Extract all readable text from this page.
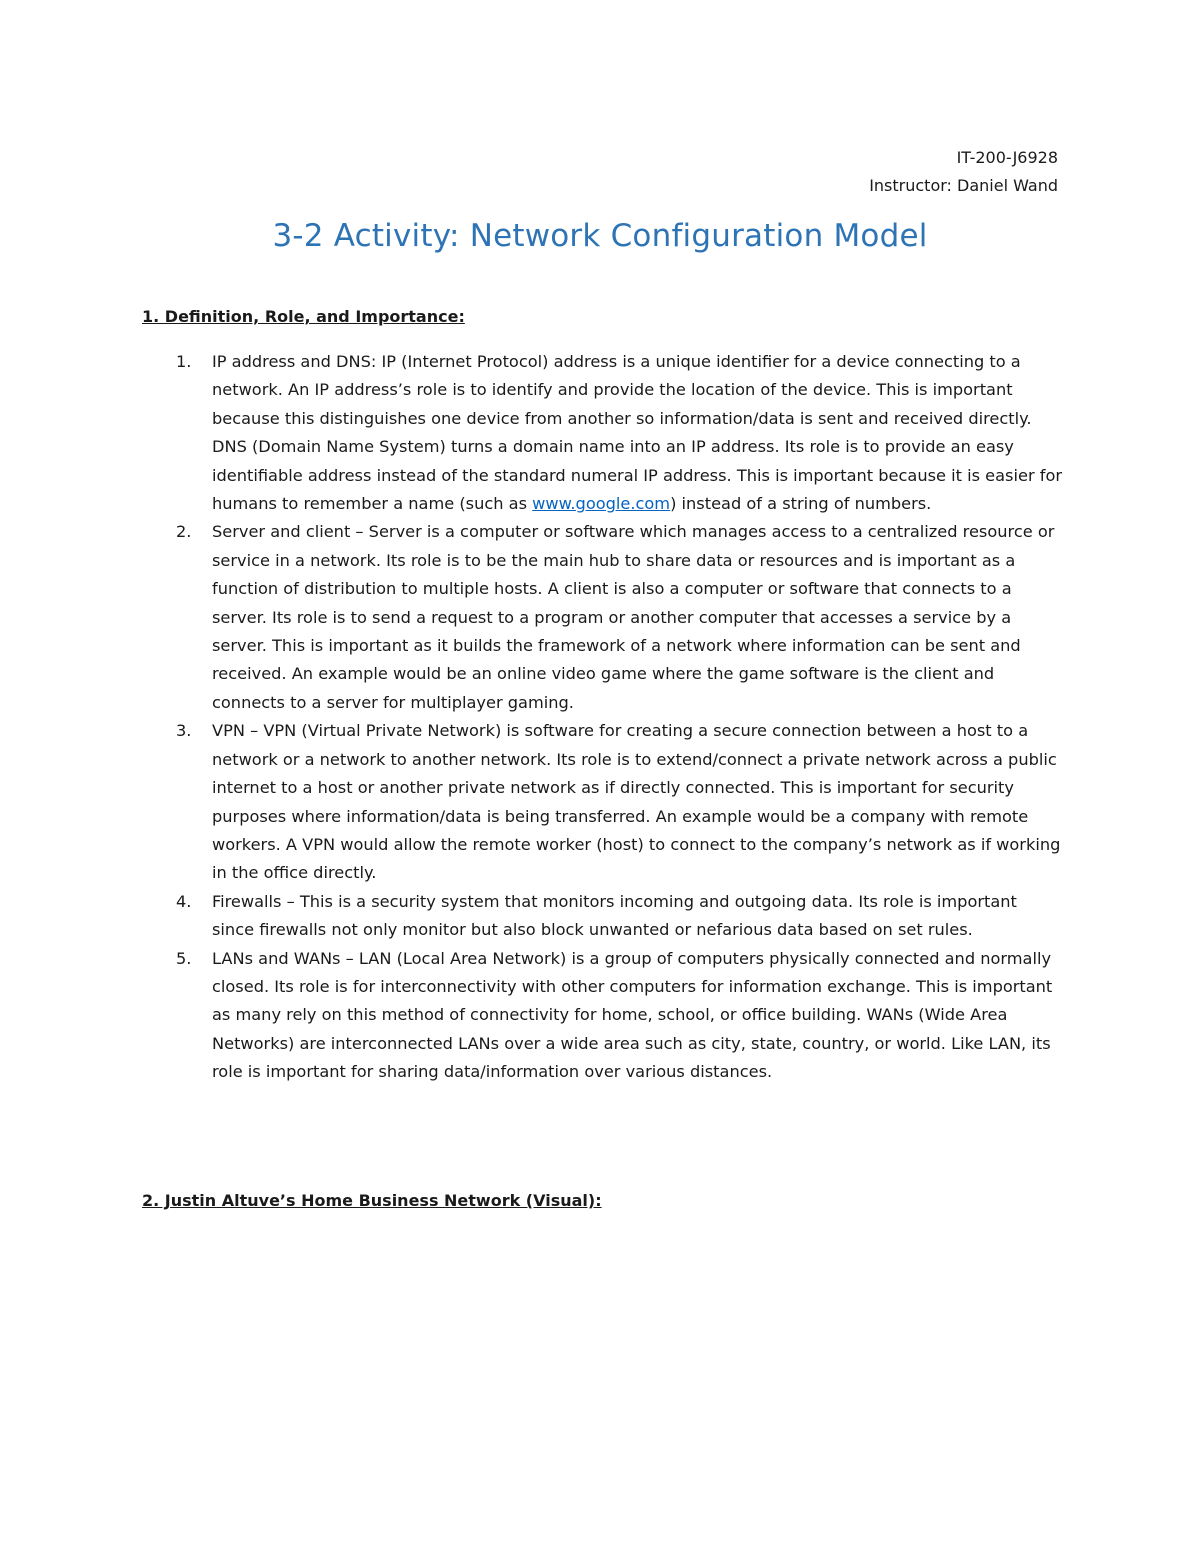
IT-200-J6928
Instructor: Daniel Wand
3-2 Activity: Network Configuration Model
1. Definition, Role, and Importance:
1. IP address and DNS: IP (Internet Protocol) address is a unique identifier for a device connecting to a network. An IP address’s role is to identify and provide the location of the device. This is important because this distinguishes one device from another so information/data is sent and received directly. DNS (Domain Name System) turns a domain name into an IP address. Its role is to provide an easy identifiable address instead of the standard numeral IP address. This is important because it is easier for humans to remember a name (such as www.google.com) instead of a string of numbers.
2. Server and client – Server is a computer or software which manages access to a centralized resource or service in a network. Its role is to be the main hub to share data or resources and is important as a function of distribution to multiple hosts. A client is also a computer or software that connects to a server. Its role is to send a request to a program or another computer that accesses a service by a server. This is important as it builds the framework of a network where information can be sent and received. An example would be an online video game where the game software is the client and connects to a server for multiplayer gaming.
3. VPN – VPN (Virtual Private Network) is software for creating a secure connection between a host to a network or a network to another network. Its role is to extend/connect a private network across a public internet to a host or another private network as if directly connected. This is important for security purposes where information/data is being transferred. An example would be a company with remote workers. A VPN would allow the remote worker (host) to connect to the company’s network as if working in the office directly.
4. Firewalls – This is a security system that monitors incoming and outgoing data. Its role is important since firewalls not only monitor but also block unwanted or nefarious data based on set rules.
5. LANs and WANs – LAN (Local Area Network) is a group of computers physically connected and normally closed. Its role is for interconnectivity with other computers for information exchange. This is important as many rely on this method of connectivity for home, school, or office building. WANs (Wide Area Networks) are interconnected LANs over a wide area such as city, state, country, or world. Like LAN, its role is important for sharing data/information over various distances.
2. Justin Altuve’s Home Business Network (Visual):
